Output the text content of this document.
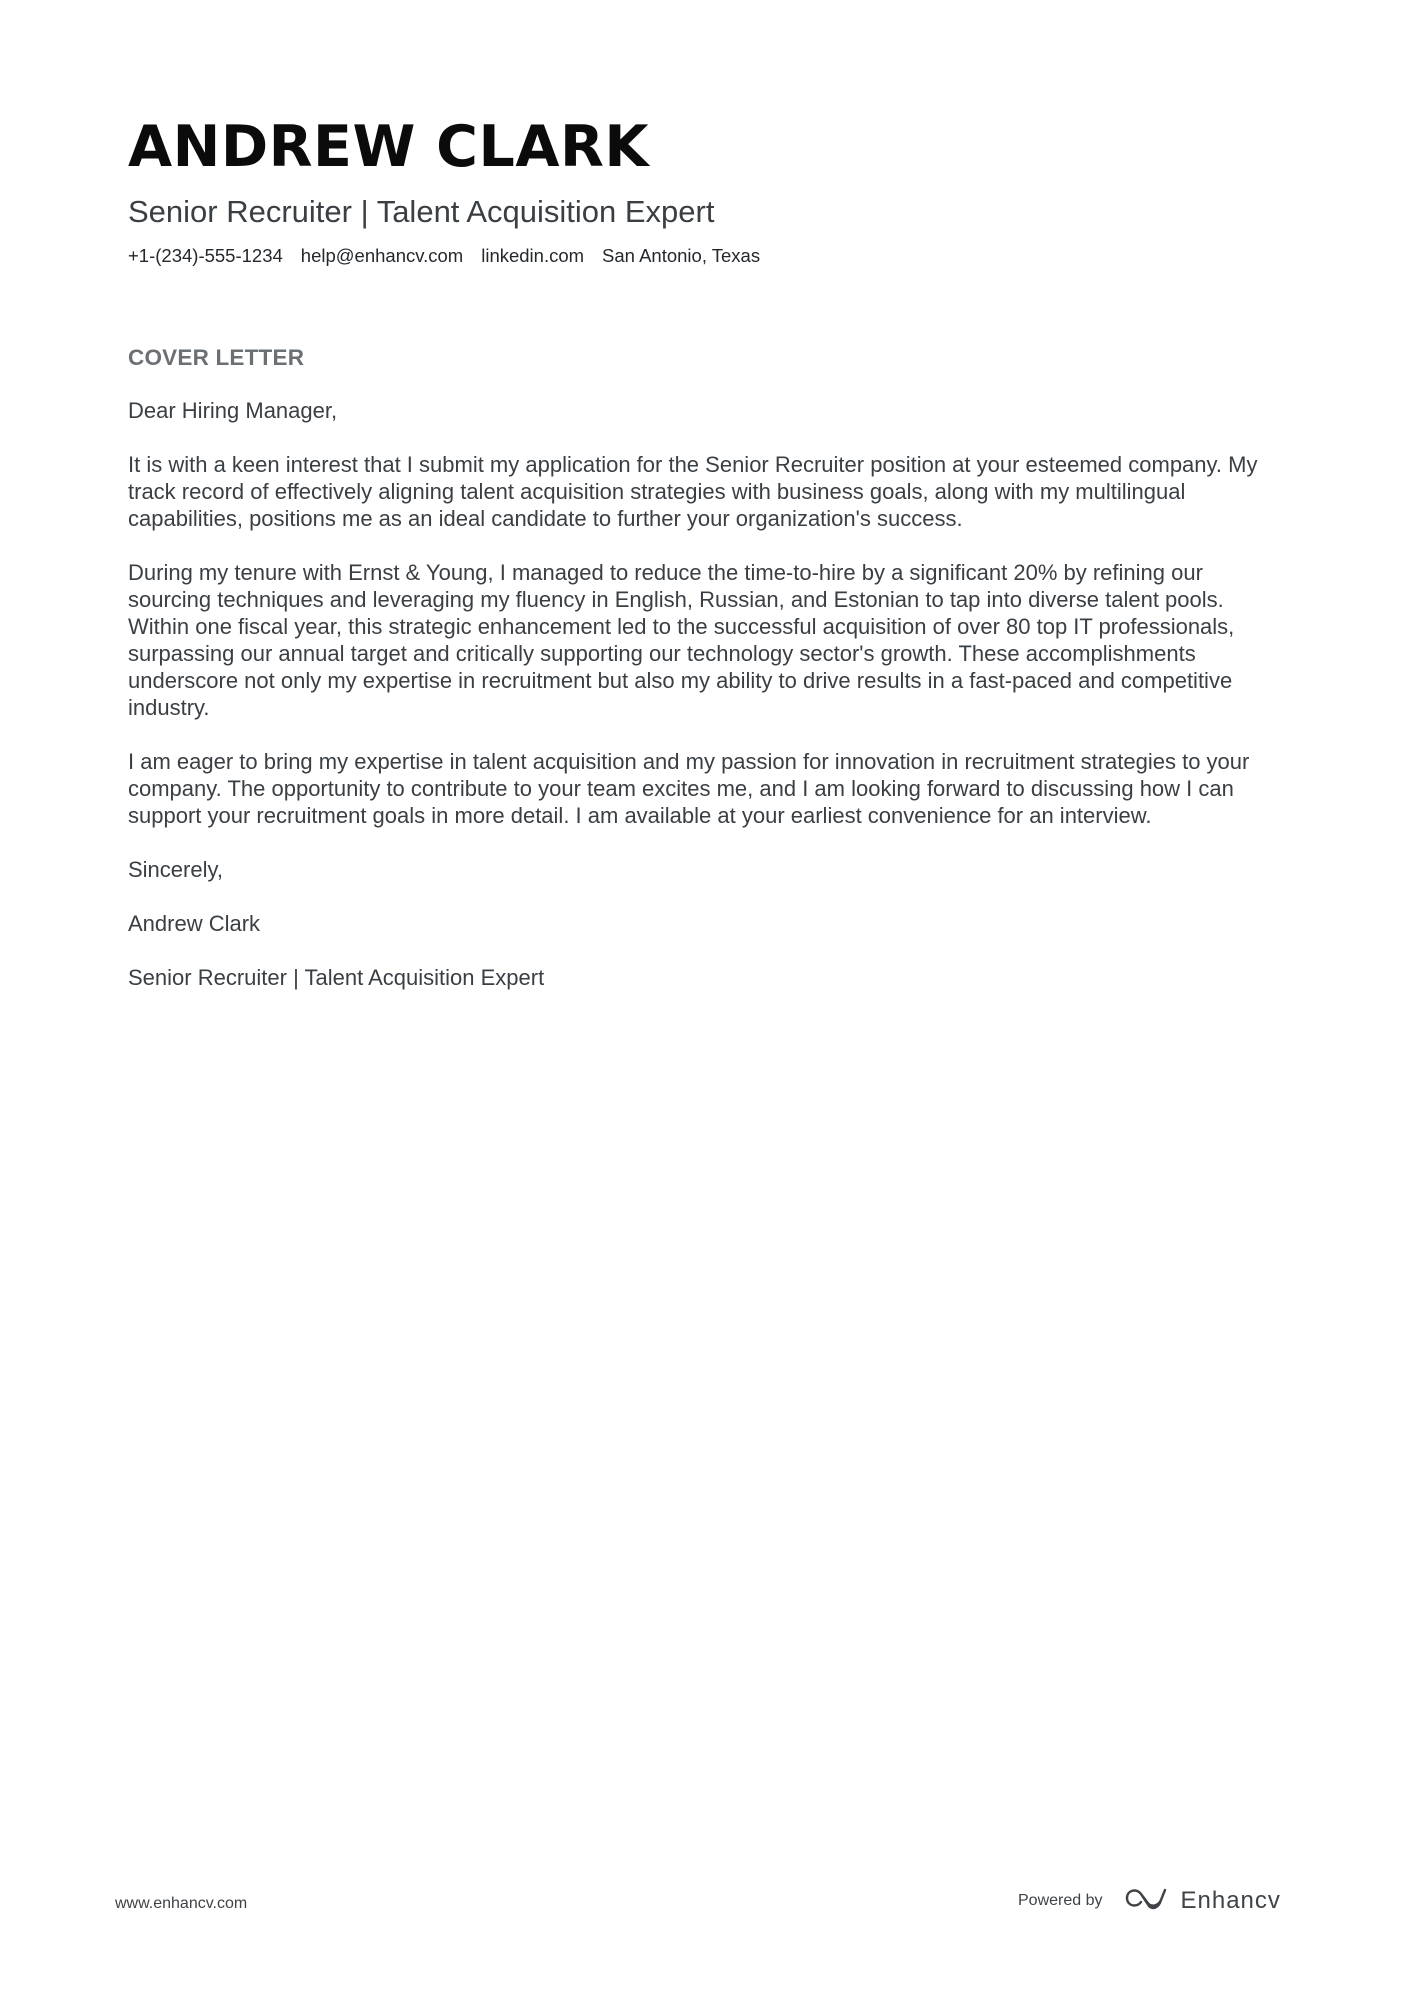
ANDREW CLARK
Senior Recruiter | Talent Acquisition Expert
+1-(234)-555-1234 help@enhancv.com linkedin.com San Antonio, Texas
COVER LETTER

Dear Hiring Manager,

It is with a keen interest that I submit my application for the Senior Recruiter position at your esteemed company. My track record of effectively aligning talent acquisition strategies with business goals, along with my multilingual capabilities, positions me as an ideal candidate to further your organization's success.

During my tenure with Ernst & Young, I managed to reduce the time-to-hire by a significant 20% by refining our sourcing techniques and leveraging my fluency in English, Russian, and Estonian to tap into diverse talent pools. Within one fiscal year, this strategic enhancement led to the successful acquisition of over 80 top IT professionals, surpassing our annual target and critically supporting our technology sector's growth. These accomplishments underscore not only my expertise in recruitment but also my ability to drive results in a fast-paced and competitive industry.

I am eager to bring my expertise in talent acquisition and my passion for innovation in recruitment strategies to your company. The opportunity to contribute to your team excites me, and I am looking forward to discussing how I can support your recruitment goals in more detail. I am available at your earliest convenience for an interview.

Sincerely,

Andrew Clark

Senior Recruiter | Talent Acquisition Expert

www.enhancv.com	Powered by	Enhancv
